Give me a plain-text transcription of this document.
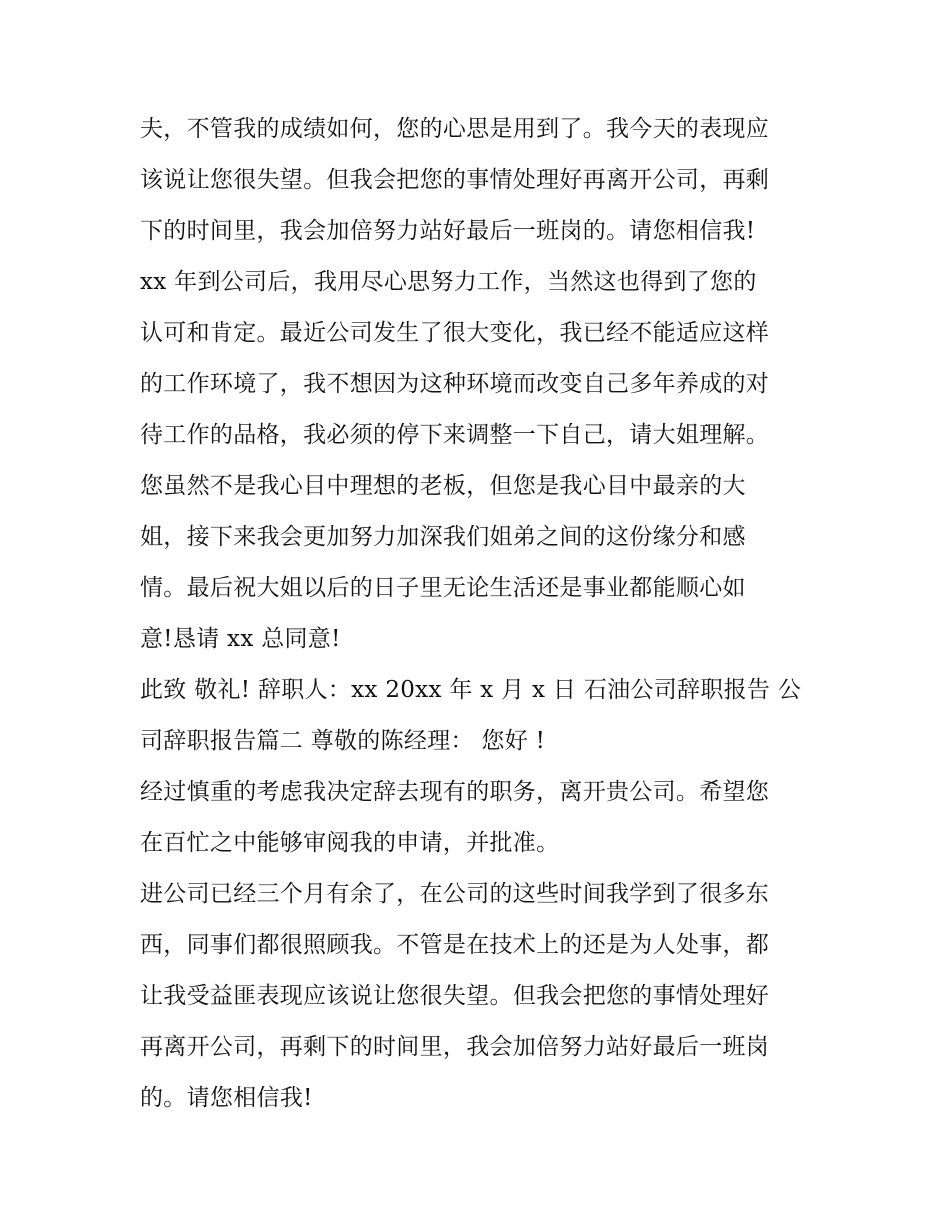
夫，不管我的成绩如何，您的心思是用到了。我今天的表现应
该说让您很失望。但我会把您的事情处理好再离开公司，再剩
下的时间里，我会加倍努力站好最后一班岗的。请您相信我!
xx 年到公司后，我用尽心思努力工作，当然这也得到了您的
认可和肯定。最近公司发生了很大变化，我已经不能适应这样
的工作环境了，我不想因为这种环境而改变自己多年养成的对
待工作的品格，我必须的停下来调整一下自己，请大姐理解。
您虽然不是我心目中理想的老板，但您是我心目中最亲的大
姐，接下来我会更加努力加深我们姐弟之间的这份缘分和感
情。最后祝大姐以后的日子里无论生活还是事业都能顺心如
意!恳请 xx 总同意!
此致 敬礼! 辞职人：xx 20xx 年 x 月 x 日 石油公司辞职报告 公
司辞职报告篇二 尊敬的陈经理： 您好 !
经过慎重的考虑我决定辞去现有的职务，离开贵公司。希望您
在百忙之中能够审阅我的申请，并批准。
进公司已经三个月有余了，在公司的这些时间我学到了很多东
西，同事们都很照顾我。不管是在技术上的还是为人处事，都
让我受益匪表现应该说让您很失望。但我会把您的事情处理好
再离开公司，再剩下的时间里，我会加倍努力站好最后一班岗
的。请您相信我!
